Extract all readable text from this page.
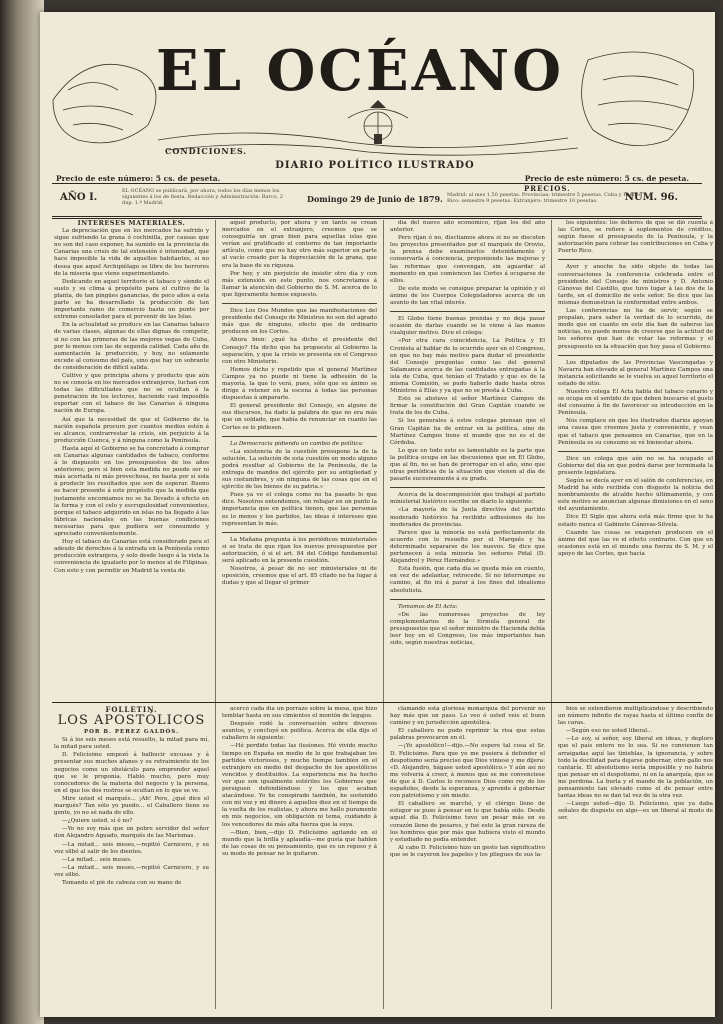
EL OCÉANO
CONDICIONES.
DIARIO POLÍTICO ILUSTRADO
Precio de este número: 5 cs. de peseta.	Precio de este número: 5 cs. de peseta.
AÑO I.
EL OCÉANO se publicará, por ahora, todos los días menos los siguientes á los de fiesta. Redacción y Administración: Barco, 2 dup. 1.º Madrid.	Domingo 29 de Junio de 1879.
PRECIOS.
Madrid: al mes 1,50 pesetas. Provincias: trimestre 5 pesetas. Cuba y Puerto Rico: semestre 9 pesetas. Extranjero: trimestre 10 pesetas.	NUM. 96.

INTERESES MATERIALES.

La depreciación que en los mercados ha sufrido y sigue sufriendo la grana ó cochinilla, por causas que no son del caso exponer, ha sumido en la provincia de Canarias una crisis de tal extensión é intensidad, que hace imposible la vida de aquellos habitantes, si no desea que aquel Archipiélago se libre de los horrores de la miseria que viene experimentando.

Dedicando en aquel territorio el tabaco y siendo el suelo y su clima á propósito para el cultivo de la planta, de tan pingües ganancias, de poco años á esta parte se ha desarrollado la producción de tan importante ramo de comercio hasta un punto por extremo consolador para el porvenir de las Islas.

En la actualidad se produce en las Canarias tabaco de varias clases, algunas de ellas dignas de competir, si no con las primeras de las mejores vegas de Cuba, por lo menos con las de segunda calidad. Cada año de aumentación la producción, y hoy, no solamente excede al consumo del país, sino que hay un sobrante de consideración de difícil salida.

Cultivo y que principia ahora y producto que aún no se conocía en los mercados extranjeros, luchan con todas las dificultades que no se ocultan á la penetración de los lectores, haciendo casi imposible exportar con el tabaco de las Canarias á ninguna nación de Europa.

Así que la necesidad de que el Gobierno de la nación española procure por cuantos medios estén á su alcance, contrarrestar la crisis, sin perjuicio á la producción Cuenca, y á ninguna como la Península.

Hasta aquí el Gobierno se ha concretado á comprar en Canarias algunas cantidades de tabaco, conforme á lo dispuesto en los presupuestos de los años anteriores; pero si bien esta medida no puede ser ni más acertada ni más provechosa, no basta por sí sola á producir los resultados que son de esperar. Bueno es hacer presente á este propósito que la medida que justamente encomiamos no se ha llevado á efecto en la forma y con el celo y escrupulosidad convenientes, porque el tabaco adquirido en islas no ha llegado á las fábricas nacionales en las buenas condiciones necesarias para que pudiera ser consumido y apreciado convenientemente.

Hoy el tabaco de Canarias está considerado para el adeudo de derechos á la entrada en la Península como producción extranjera, y solo desde luego á la vista la conveniencia de igualarlo por lo menos al de Filipinas. Con esto y con permitir en Madrid la venta de

FOLLETIN.

LOS APOSTÓLICOS

POR B. PEREZ GALDÓS.

Si á los seis meses está resuelto, la mitad para mí, la mitad para usted.

D. Felicísimo empezó á balbucir excusas y á presentar sus muchos afanes y su retraimiento de los negocios como un obstáculo para emprender aquel que se le proponía. Habló mucho, pero muy conocedores de la materia del negocio y la persona, en el que los dos rostros se ocultan en lo que se ve.

Mire usted el marqués... ¡Ah! Pero, ¿qué dice el marqués? Tan sólo yo puedo... el Caballero tiene su gente, yo no sé nada de ello.

—¿Quiere usted, sí ó no?

—Yo no soy más que un pobre servidor del señor don Alejandro Aguado, marqués de las Marismas.

—La mitad... seis meses,—repitió Carnicero, y su voz silbó al salir de los dientes.

—La mitad... seis meses.

—La mitad... seis meses,—repitió Carnicero, y su voz silbó.

Tomando el pié de cabeza con su mano de

aquel producto, por ahora y en tanto se crean mercados en el extranjero, creemos que se conseguiría un gran bien para aquellas islas que verían así gratificado el contorno de tan importante artículo, como que no hay otro más superior en parte al vacío creado por la depreciación de la grana, que era la base de su riqueza.

Por hoy, y sin perjuicio de insistir otro día y con más extensión en este punto, nos concretamos á llamar la atención del Gobierno de S. M. acerca de lo que ligeramente hemos expuesto.

Dice Los Dos Mundos que las manifestaciones del presidente del Consejo de Ministros no son del agrado más que de ninguno, efecto que de ordinario producen en los Cortes.

Ahora bien: ¿qué ha dicho el presidente del Consejo? Ha dicho que ha propuesto al Gobierno la separación, y que la crisis se presenta en el Congreso con otro Ministerio.

Hemos dicho y repetido que el general Martínez Campos ya no puede ni tiene la adhesión de la mayoría, la que lo verá, pues, sólo que su ánimo se dirige á retener en la escena á todas las personas dispuestas á ampararle.

El general presidente del Consejo, en alguno de sus discursos, ha dado la palabra de que no era más que un soldado, que había de renunciar en cuanto las Cortes se lo pidiesen.

La Democracia pidiendo un cambio de política:

«La existencia de la cuestión presupone la de la solución. La solución de esta cuestión en modo alguno podrá resultar al Gobierno de la Península, de la entrega de mandos del ejército por su antigüedad y sus costumbres, y sin ninguna de las cosas que en el ejército de los bienes de su patria.»

Pues ya ve el colega como no ha pasado lo que dice. Nosotros entendemos, sin rebajar en un punto la importancia que en política tienen, que las personas es lo menos y los partidos, las ideas é intereses que representan lo más.

La Mañana pregunta á los periódicos ministeriales si se trata de que rijan los nuevos presupuestos por autorización, ó si el art. 84 del Código fundamental será aplicado en la presente cuestión.

Nosotros, á pesar de no ser ministeriales ni de oposición, creemos que el art. 85 citado no ha lugar á dudas y que al llegar el primer

acercó cada día un porrazo sobre la mesa, que hizo temblar hasta en sus cimientos el montón de legajos.

Después rodó la conversación sobre diversos asuntos, y concluyó en política. Acerca de ella dijo el caballero lo siguiente:

—Hé perdido todas las ilusiones. Hé vivido mucho tiempo en España en medio de lo que trabajaban los partidos victoriosos, y mucho tiempo también en el extranjero en medio del despacho de los apostólicos vencidos y destituidos. La experiencia me ha hecho ver que son igualmente estériles los Gobiernos que persiguen defendiéndose y los que acaban atacándose. Yo he conspirado también, he sostenido con mi voz y mi dinero á aquellos diez en el tiempo de la vuelta de los realistas, y ahora me hallo puramente en mis negocios, sin obligación ni tema, cuidando á los vencedores de más alta fuerza que la suya.

—Bien, bien,—dijo D. Felicísimo agitando en el mundo que la brilla y aplaudía—me gusta que hablen de las cosas de su pensamiento, que es un reposo y á su modo de pensar no lo quitaron.

día del nuevo año económico, rijan los del año anterior.

Pero rijan ó no, disctiamos ahora si no se discuten los proyectos presentados por el marqués de Orovio, la prensa debe examinarlos detenidamente y conservarla á conciencia, proponiendo las mejoras y las reformas que convengan, sin aguardar al momento en que comiencen las Cortes á ocuparse de ellos.

De este modo se consigue preparar la opinión y el ánimo de los Cuerpos Colegisladores acerca de un asunto de tan vital interés.

El Globo tiene buenas prendas y no deja pasar ocasión de darlas cuando se le viene á las manos cualquier motivo. Dice el colega:

«Por otra cara coincidencia, La Política y El Cronista al hablar de lo ocurrido ayer en el Congreso, en que no hay más motivo para dudar el presidente del Consejo preguntas como las del general Salamanca acerca de las cantidades entregadas á la isla de Cuba, que tenían el Tratado y que es de la misma Comisión, se pudo haberlo dado hasta otros Ministros á Elías y ya que no se presta á Cuba.

Esto se abstuvo el señor Martínez Campos de firmar la constitución del Gran Capitán cuando se trata de los de Cuba.

Si los generales á estos colegas piensan que el Gran Capitán ha de entrar en la política, sino de Martínez Campos tiene el mundo que no es el de Córdoba.

Lo que en todo esto es lamentable es la parte que la política ocupa en las discusiones que en El Globo, que al fin, no se han de prorrogar en el año, sino que otras periódicas de la situación que vienen al día de pasarle sucesivamente á su grado.

Acerca de la descomposición que trabajó al partido ministerial histórico escribe un diario lo siguiente:

«La mayoría de la Junta directiva del partido moderado histórico ha recibido adhesiones de los moderados de provincias.

Parece que la minoría no está perfectamente de acuerdo con lo resuelto por el Marqués y ha determinado separarse de los nuevos. Se dice que pertenecen á esta minoría los señores Pidal (D. Alejandro) y Pérez Hernández.»

Esta fusión, que cada día se queda más en cuento, en vez de adelantar, retrocede. Si no interrumpe su camino, al fin irá á parar á los fines del idealismo absolutista.

Tomamos de El Acta:

«De las numerosas proyectos de ley complementarios de la fórmula general de presupuestos que el señor ministro de Hacienda debía leer hoy en el Congreso, los más importantes han sido, según nuestras noticias,

clamando esta gloriosa monarquía del porvenir no hay más que un paso. Lo veo ó usted veis el buen camino y en jurisdicción apostólica.

El caballero no pudo reprimir la risa que estas palabras provocaron en él.

—¡Yo apostólico!—dijo.—No espere tal cosa el Sr. D. Felicísimo. Para que yo me pusiera á defender el despotismo sería preciso que Dios viniese y me dijera: «D. Alejandro, hágase usted apostólico.» Y aún así no me volveria á creer, á menos que se me convenciese de que á D. Carlos lo reconoce Dios como rey de los españoles, desde la esperanza, y aprende á gobernar con patriotismo y sin miedo.

El caballero se marchó, y el clérigo lleno de estupor se puso á pensar en lo que había oído. Desde aquel día D. Felicísimo tuvo un pesar más en su corazón lleno de pesares, y fué este la gran rareza de los hombres que por más que hubiera visto el mundo y estudiado no podía entender.

Al cabo D. Felicísimo hizo un gesto tan significativo que se le cayeron los papeles y los pliegues de sus la-

los siguientes: los deberes de que se dió cuenta á las Cortes, se refiere á suplementos de créditos, según fuese el presupuesto de la Península, y la autorización para cobrar las contribuciones en Cuba y Puerto Rico.

Ayer y anoche ha sido objeto de todas las conversaciones la conferencia celebrada entre el presidente del Consejo de ministros y D. Antonio Cánovas del Castillo, que tuvo lugar á las dos de la tarde, en el domicilio de este señor. Se dice que las mismas demuestran la conformidad entre ambos.

Las conferencias no ha de servir, según se propalan, para saber la verdad de lo ocurrido, de modo que en cuanto en este día han de saberse las noticias, no puede menos de creerse que la actitud de los señores que han de votar las reformas y el presupuesto en la situación que hoy pasa el Gobierno.

Los diputados de las Provincias Vascongadas y Navarra han elevado al general Martínez Campos una instancia solicitando se le vuelva su aquel territorio el estado de sitio.

Nuestro colega El Acta habla del tabaco canario y se ocupa en el sentido de que deben buscarse el gusto del consumo á fin de favorecer su introducción en la Península.

Nos complace en que los ilustrados diarios apoyan una causa que creemos justa y conveniente, y vean que el tabaco que pensamos en Canarias, que en la Península es su consumo se vé bienestar ahora.

Dice un colega que aún no se ha ocupado el Gobierno del día en que podrá darse por terminada la presente legislatura.

Según se decía ayer en el salón de conferencias, en Madrid ha sido recibida con disgusto la noticia del nombramiento de alcalde hecho últimamente, y con este motivo se anuncian algunas dimisiones en el seno del ayuntamiento.

Dice El Siglo que ahora está más firme que lo ha estado nunca el Gabinete Cánovas-Silvela.

Cuando las cosas se exageran producen en el ánimo del que las ve el efecto contrario. Con que en ocasiones está en el mundo una fuerza de S. M. y el apoyo de las Cortes, que hacía

bios se extendieron multiplicándose y describiendo un número infinito de rayas hasta el último confín de las caras.

—Según eso no usted liberal...

—Lo soy, sí señor, soy liberal en ideas, y deploro que el país entero no lo sea. Si no convienen tan arraigadas aquí las tinieblas, la ignorancia, y sobre todo la docilidad para dejarse gobernar, otro gallo nos cantaría. El absolutismo sería imposible y no habría que pensar en el despotismo, ni en la anarquía, que se me perdona. La burla y el mando de la población, un pensamiento tan elevado como el de pensar entre tantas ideas no se dan tal vez de la otra vez.

—Luego usted—dijo D. Felicísimo, que ya daba señales de disgusto en algo—es un liberal al modo de ser.
